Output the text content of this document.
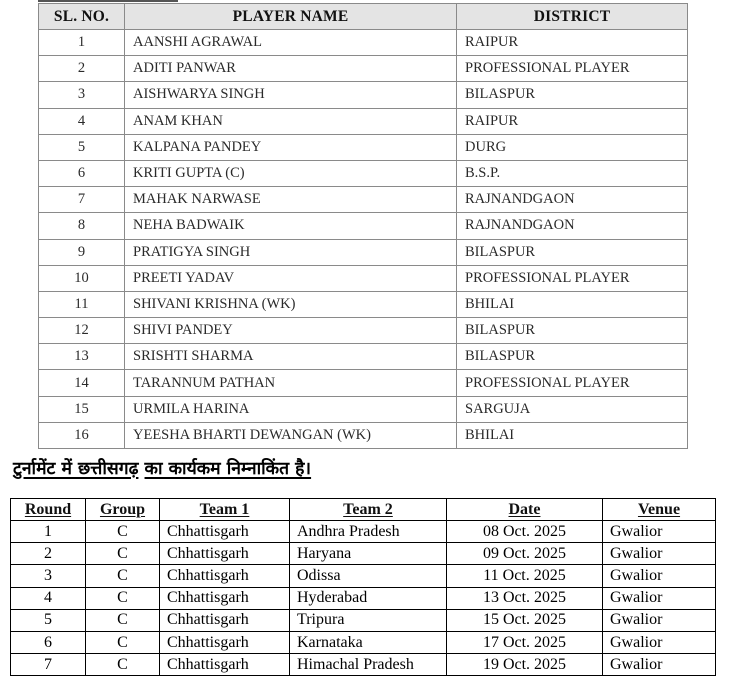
SL. NO.	PLAYER NAME	DISTRICT
1	AANSHI AGRAWAL	RAIPUR
2	ADITI PANWAR	PROFESSIONAL PLAYER
3	AISHWARYA SINGH	BILASPUR
4	ANAM KHAN	RAIPUR
5	KALPANA PANDEY	DURG
6	KRITI GUPTA (C)	B.S.P.
7	MAHAK NARWASE	RAJNANDGAON
8	NEHA BADWAIK	RAJNANDGAON
9	PRATIGYA SINGH	BILASPUR
10	PREETI YADAV	PROFESSIONAL PLAYER
11	SHIVANI KRISHNA (WK)	BHILAI
12	SHIVI PANDEY	BILASPUR
13	SRISHTI SHARMA	BILASPUR
14	TARANNUM PATHAN	PROFESSIONAL PLAYER
15	URMILA HARINA	SARGUJA
16	YEESHA BHARTI DEWANGAN (WK)	BHILAI

टुर्नामेंट में छत्तीसगढ़ का कार्यकम निम्नाकिंत है।

Round	Group	Team 1	Team 2	Date	Venue
1	C	Chhattisgarh	Andhra Pradesh	08 Oct. 2025	Gwalior
2	C	Chhattisgarh	Haryana	09 Oct. 2025	Gwalior
3	C	Chhattisgarh	Odissa	11 Oct. 2025	Gwalior
4	C	Chhattisgarh	Hyderabad	13 Oct. 2025	Gwalior
5	C	Chhattisgarh	Tripura	15 Oct. 2025	Gwalior
6	C	Chhattisgarh	Karnataka	17 Oct. 2025	Gwalior
7	C	Chhattisgarh	Himachal Pradesh	19 Oct. 2025	Gwalior
